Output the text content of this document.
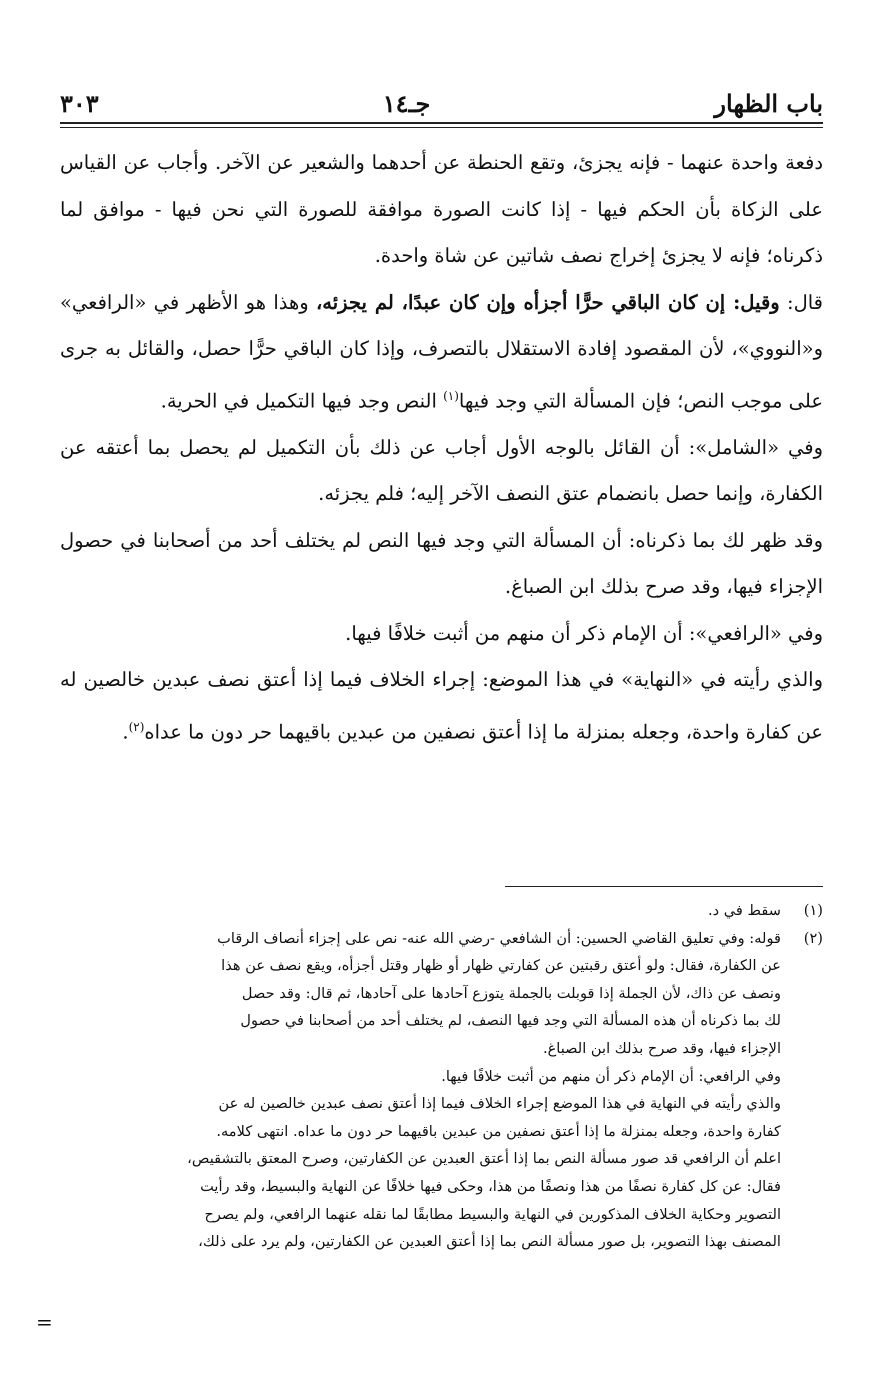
باب الظهار
جـ١٤
٣٠٣

دفعة واحدة عنهما - فإنه يجزئ، وتقع الحنطة عن أحدهما والشعير عن الآخر. وأجاب عن القياس على الزكاة بأن الحكم فيها - إذا كانت الصورة موافقة للصورة التي نحن فيها - موافق لما ذكرناه؛ فإنه لا يجزئ إخراج نصف شاتين عن شاة واحدة.

قال: وقيل: إن كان الباقي حرًّا أجزأه وإن كان عبدًا، لم يجزئه، وهذا هو الأظهر في «الرافعي» و«النووي»، لأن المقصود إفادة الاستقلال بالتصرف، وإذا كان الباقي حرًّا حصل، والقائل به جرى على موجب النص؛ فإن المسألة التي وجد فيها$^{(١)}$ النص وجد فيها التكميل في الحرية.

وفي «الشامل»: أن القائل بالوجه الأول أجاب عن ذلك بأن التكميل لم يحصل بما أعتقه عن الكفارة، وإنما حصل بانضمام عتق النصف الآخر إليه؛ فلم يجزئه.

وقد ظهر لك بما ذكرناه: أن المسألة التي وجد فيها النص لم يختلف أحد من أصحابنا في حصول الإجزاء فيها، وقد صرح بذلك ابن الصباغ.

وفي «الرافعي»: أن الإمام ذكر أن منهم من أثبت خلافًا فيها.

والذي رأيته في «النهاية» في هذا الموضع: إجراء الخلاف فيما إذا أعتق نصف عبدين خالصين له عن كفارة واحدة، وجعله بمنزلة ما إذا أعتق نصفين من عبدين باقيهما حر دون ما عداه$^{(٢)}$.

(١)
سقط في د.
(٢)
قوله: وفي تعليق القاضي الحسين: أن الشافعي -رضي الله عنه- نص على إجزاء أنصاف الرقاب
عن الكفارة، فقال: ولو أعتق رقبتين عن كفارتي ظهار أو ظهار وقتل أجزأه، ويقع نصف عن هذا
ونصف عن ذاك، لأن الجملة إذا قوبلت بالجملة يتوزع آحادها على آحادها، ثم قال: وقد حصل
لك بما ذكرناه أن هذه المسألة التي وجد فيها النصف، لم يختلف أحد من أصحابنا في حصول
الإجزاء فيها، وقد صرح بذلك ابن الصباغ.
وفي الرافعي: أن الإمام ذكر أن منهم من أثبت خلافًا فيها.
والذي رأيته في النهاية في هذا الموضع إجراء الخلاف فيما إذا أعتق نصف عبدين خالصين له عن
كفارة واحدة، وجعله بمنزلة ما إذا أعتق نصفين من عبدين باقيهما حر دون ما عداه. انتهى كلامه.
اعلم أن الرافعي قد صور مسألة النص بما إذا أعتق العبدين عن الكفارتين، وصرح المعتق بالتشقيص،
فقال: عن كل كفارة نصفًا من هذا ونصفًا من هذا، وحكى فيها خلافًا عن النهاية والبسيط، وقد رأيت
التصوير وحكاية الخلاف المذكورين في النهاية والبسيط مطابقًا لما نقله عنهما الرافعي، ولم يصرح
المصنف بهذا التصوير، بل صور مسألة النص بما إذا أعتق العبدين عن الكفارتين، ولم يرد على ذلك،
=
